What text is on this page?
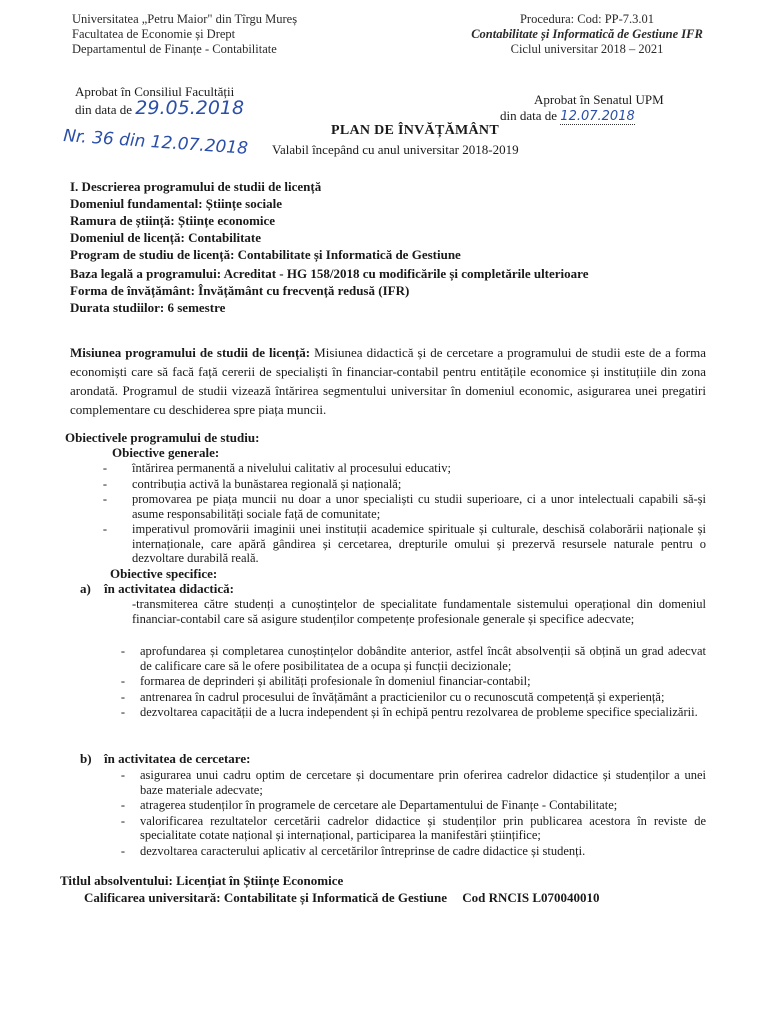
Universitatea „Petru Maior" din Tîrgu Mureș
Facultatea de Economie și Drept
Departamentul de Finanțe - Contabilitate
Procedura: Cod: PP-7.3.01
Contabilitate și Informatică de Gestiune IFR
Ciclul universitar 2018 – 2021
Aprobat în Consiliul Facultății
din data de 29.05.2018
Nr. 36 din 12.07.2018
Aprobat în Senatul UPM
din data de 12.07.2018
PLAN DE ÎNVĂȚĂMÂNT
Valabil începând cu anul universitar 2018-2019
I. Descrierea programului de studii de licență
Domeniul fundamental: Științe sociale
Ramura de știință: Științe economice
Domeniul de licență: Contabilitate
Program de studiu de licență: Contabilitate și Informatică de Gestiune
Baza legală a programului: Acreditat - HG 158/2018 cu modificările și completările ulterioare
Forma de învățământ: Învățământ cu frecvență redusă (IFR)
Durata studiilor: 6 semestre
Misiunea programului de studii de licență: Misiunea didactică și de cercetare a programului de studii este de a forma economiști care să facă față cererii de specialiști în financiar-contabil pentru entitățile economice și instituțiile din zona arondată. Programul de studii vizează întărirea segmentului universitar în domeniul economic, asigurarea unei pregatiri complementare cu deschiderea spre piața muncii.
Obiectivele programului de studiu:
Obiective generale:
- întărirea permanentă a nivelului calitativ al procesului educativ;
- contribuția activă la bunăstarea regională și națională;
- promovarea pe piața muncii nu doar a unor specialiști cu studii superioare, ci a unor intelectuali capabili să-și asume responsabilități sociale față de comunitate;
- imperativul promovării imaginii unei instituții academice spirituale și culturale, deschisă colaborării naționale și internaționale, care apără gândirea și cercetarea, drepturile omului și prezervă resursele naturale pentru o dezvoltare durabilă reală.
Obiective specifice:
a) în activitatea didactică:
-transmiterea către studenți a cunoștințelor de specialitate fundamentale sistemului operațional din domeniul financiar-contabil care să asigure studenților competențe profesionale generale și specifice adecvate;
- aprofundarea și completarea cunoștințelor dobândite anterior, astfel încât absolvenții să obțină un grad adecvat de calificare care să le ofere posibilitatea de a ocupa și funcții decizionale;
- formarea de deprinderi și abilități profesionale în domeniul financiar-contabil;
- antrenarea în cadrul procesului de învățământ a practicienilor cu o recunoscută competență și experiență;
- dezvoltarea capacității de a lucra independent și în echipă pentru rezolvarea de probleme specifice specializării.
b) în activitatea de cercetare:
- asigurarea unui cadru optim de cercetare și documentare prin oferirea cadrelor didactice și studenților a unei baze materiale adecvate;
- atragerea studenților în programele de cercetare ale Departamentului de Finanțe - Contabilitate;
- valorificarea rezultatelor cercetării cadrelor didactice și studenților prin publicarea acestora în reviste de specialitate cotate național și internațional, participarea la manifestări științifice;
- dezvoltarea caracterului aplicativ al cercetărilor întreprinse de cadre didactice și studenți.
Titlul absolventului: Licențiat în Științe Economice
Calificarea universitară: Contabilitate și Informatică de Gestiune Cod RNCIS L070040010
